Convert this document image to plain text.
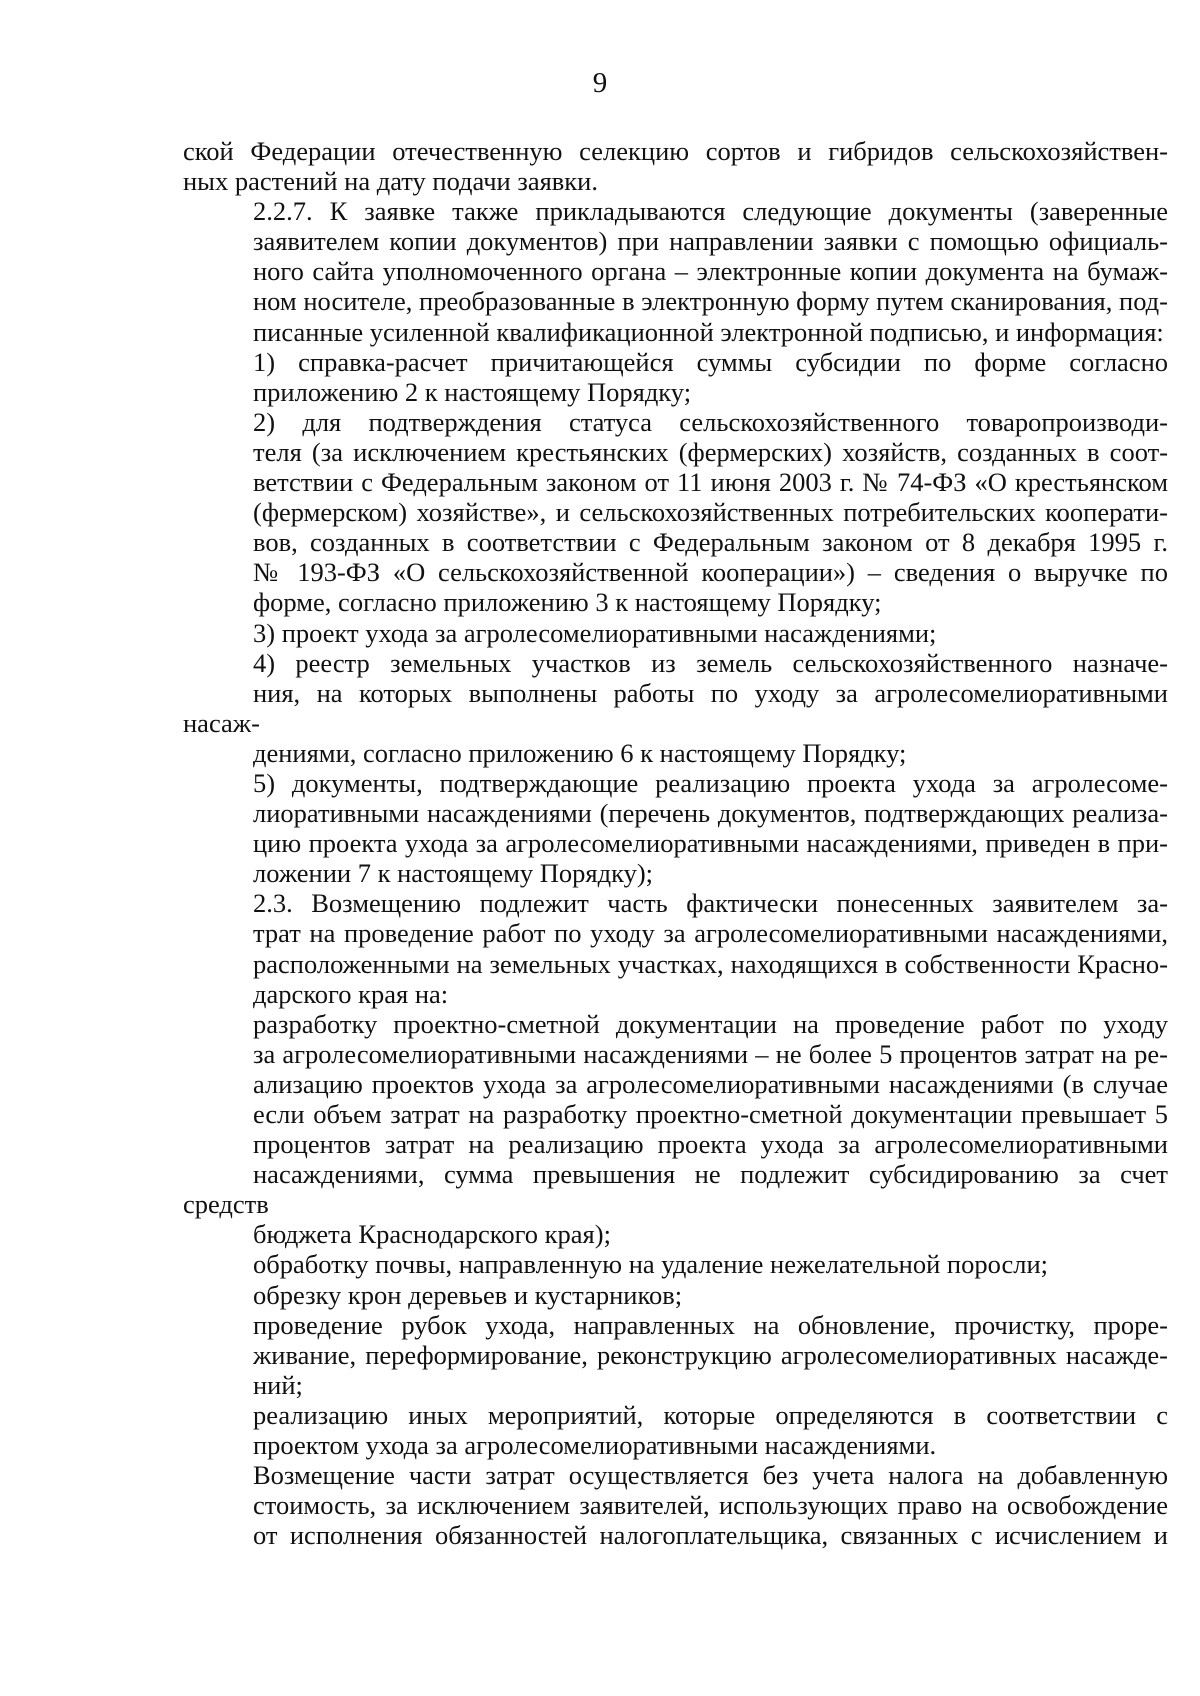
9

ской Федерации отечественную селекцию сортов и гибридов сельскохозяйствен-
ных растений на дату подачи заявки.

2.2.7. К заявке также прикладываются следующие документы (заверенные
заявителем копии документов) при направлении заявки с помощью официаль-
ного сайта уполномоченного органа – электронные копии документа на бумаж-
ном носителе, преобразованные в электронную форму путем сканирования, под-
писанные усиленной квалификационной электронной подписью, и информация:

1) справка-расчет причитающейся суммы субсидии по форме согласно
приложению 2 к настоящему Порядку;

2) для подтверждения статуса сельскохозяйственного товаропроизводи-
теля (за исключением крестьянских (фермерских) хозяйств, созданных в соот-
ветствии с Федеральным законом от 11 июня 2003 г. № 74-ФЗ «О крестьянском
(фермерском) хозяйстве», и сельскохозяйственных потребительских кооперати-
вов, созданных в соответствии с Федеральным законом от 8 декабря 1995 г.
№ 193-ФЗ «О сельскохозяйственной кооперации») – сведения о выручке по
форме, согласно приложению 3 к настоящему Порядку;

3) проект ухода за агролесомелиоративными насаждениями;

4) реестр земельных участков из земель сельскохозяйственного назначе-
ния, на которых выполнены работы по уходу за агролесомелиоративными насаж-
дениями, согласно приложению 6 к настоящему Порядку;

5) документы, подтверждающие реализацию проекта ухода за агролесоме-
лиоративными насаждениями (перечень документов, подтверждающих реализа-
цию проекта ухода за агролесомелиоративными насаждениями, приведен в при-
ложении 7 к настоящему Порядку);

2.3. Возмещению подлежит часть фактически понесенных заявителем за-
трат на проведение работ по уходу за агролесомелиоративными насаждениями,
расположенными на земельных участках, находящихся в собственности Красно-
дарского края на:

разработку проектно-сметной документации на проведение работ по уходу
за агролесомелиоративными насаждениями – не более 5 процентов затрат на ре-
ализацию проектов ухода за агролесомелиоративными насаждениями (в случае
если объем затрат на разработку проектно-сметной документации превышает 5
процентов затрат на реализацию проекта ухода за агролесомелиоративными
насаждениями, сумма превышения не подлежит субсидированию за счет средств
бюджета Краснодарского края);

обработку почвы, направленную на удаление нежелательной поросли;

обрезку крон деревьев и кустарников;

проведение рубок ухода, направленных на обновление, прочистку, проре-
живание, переформирование, реконструкцию агролесомелиоративных насажде-
ний;

реализацию иных мероприятий, которые определяются в соответствии с
проектом ухода за агролесомелиоративными насаждениями.

Возмещение части затрат осуществляется без учета налога на добавленную
стоимость, за исключением заявителей, использующих право на освобождение
от исполнения обязанностей налогоплательщика, связанных с исчислением и
